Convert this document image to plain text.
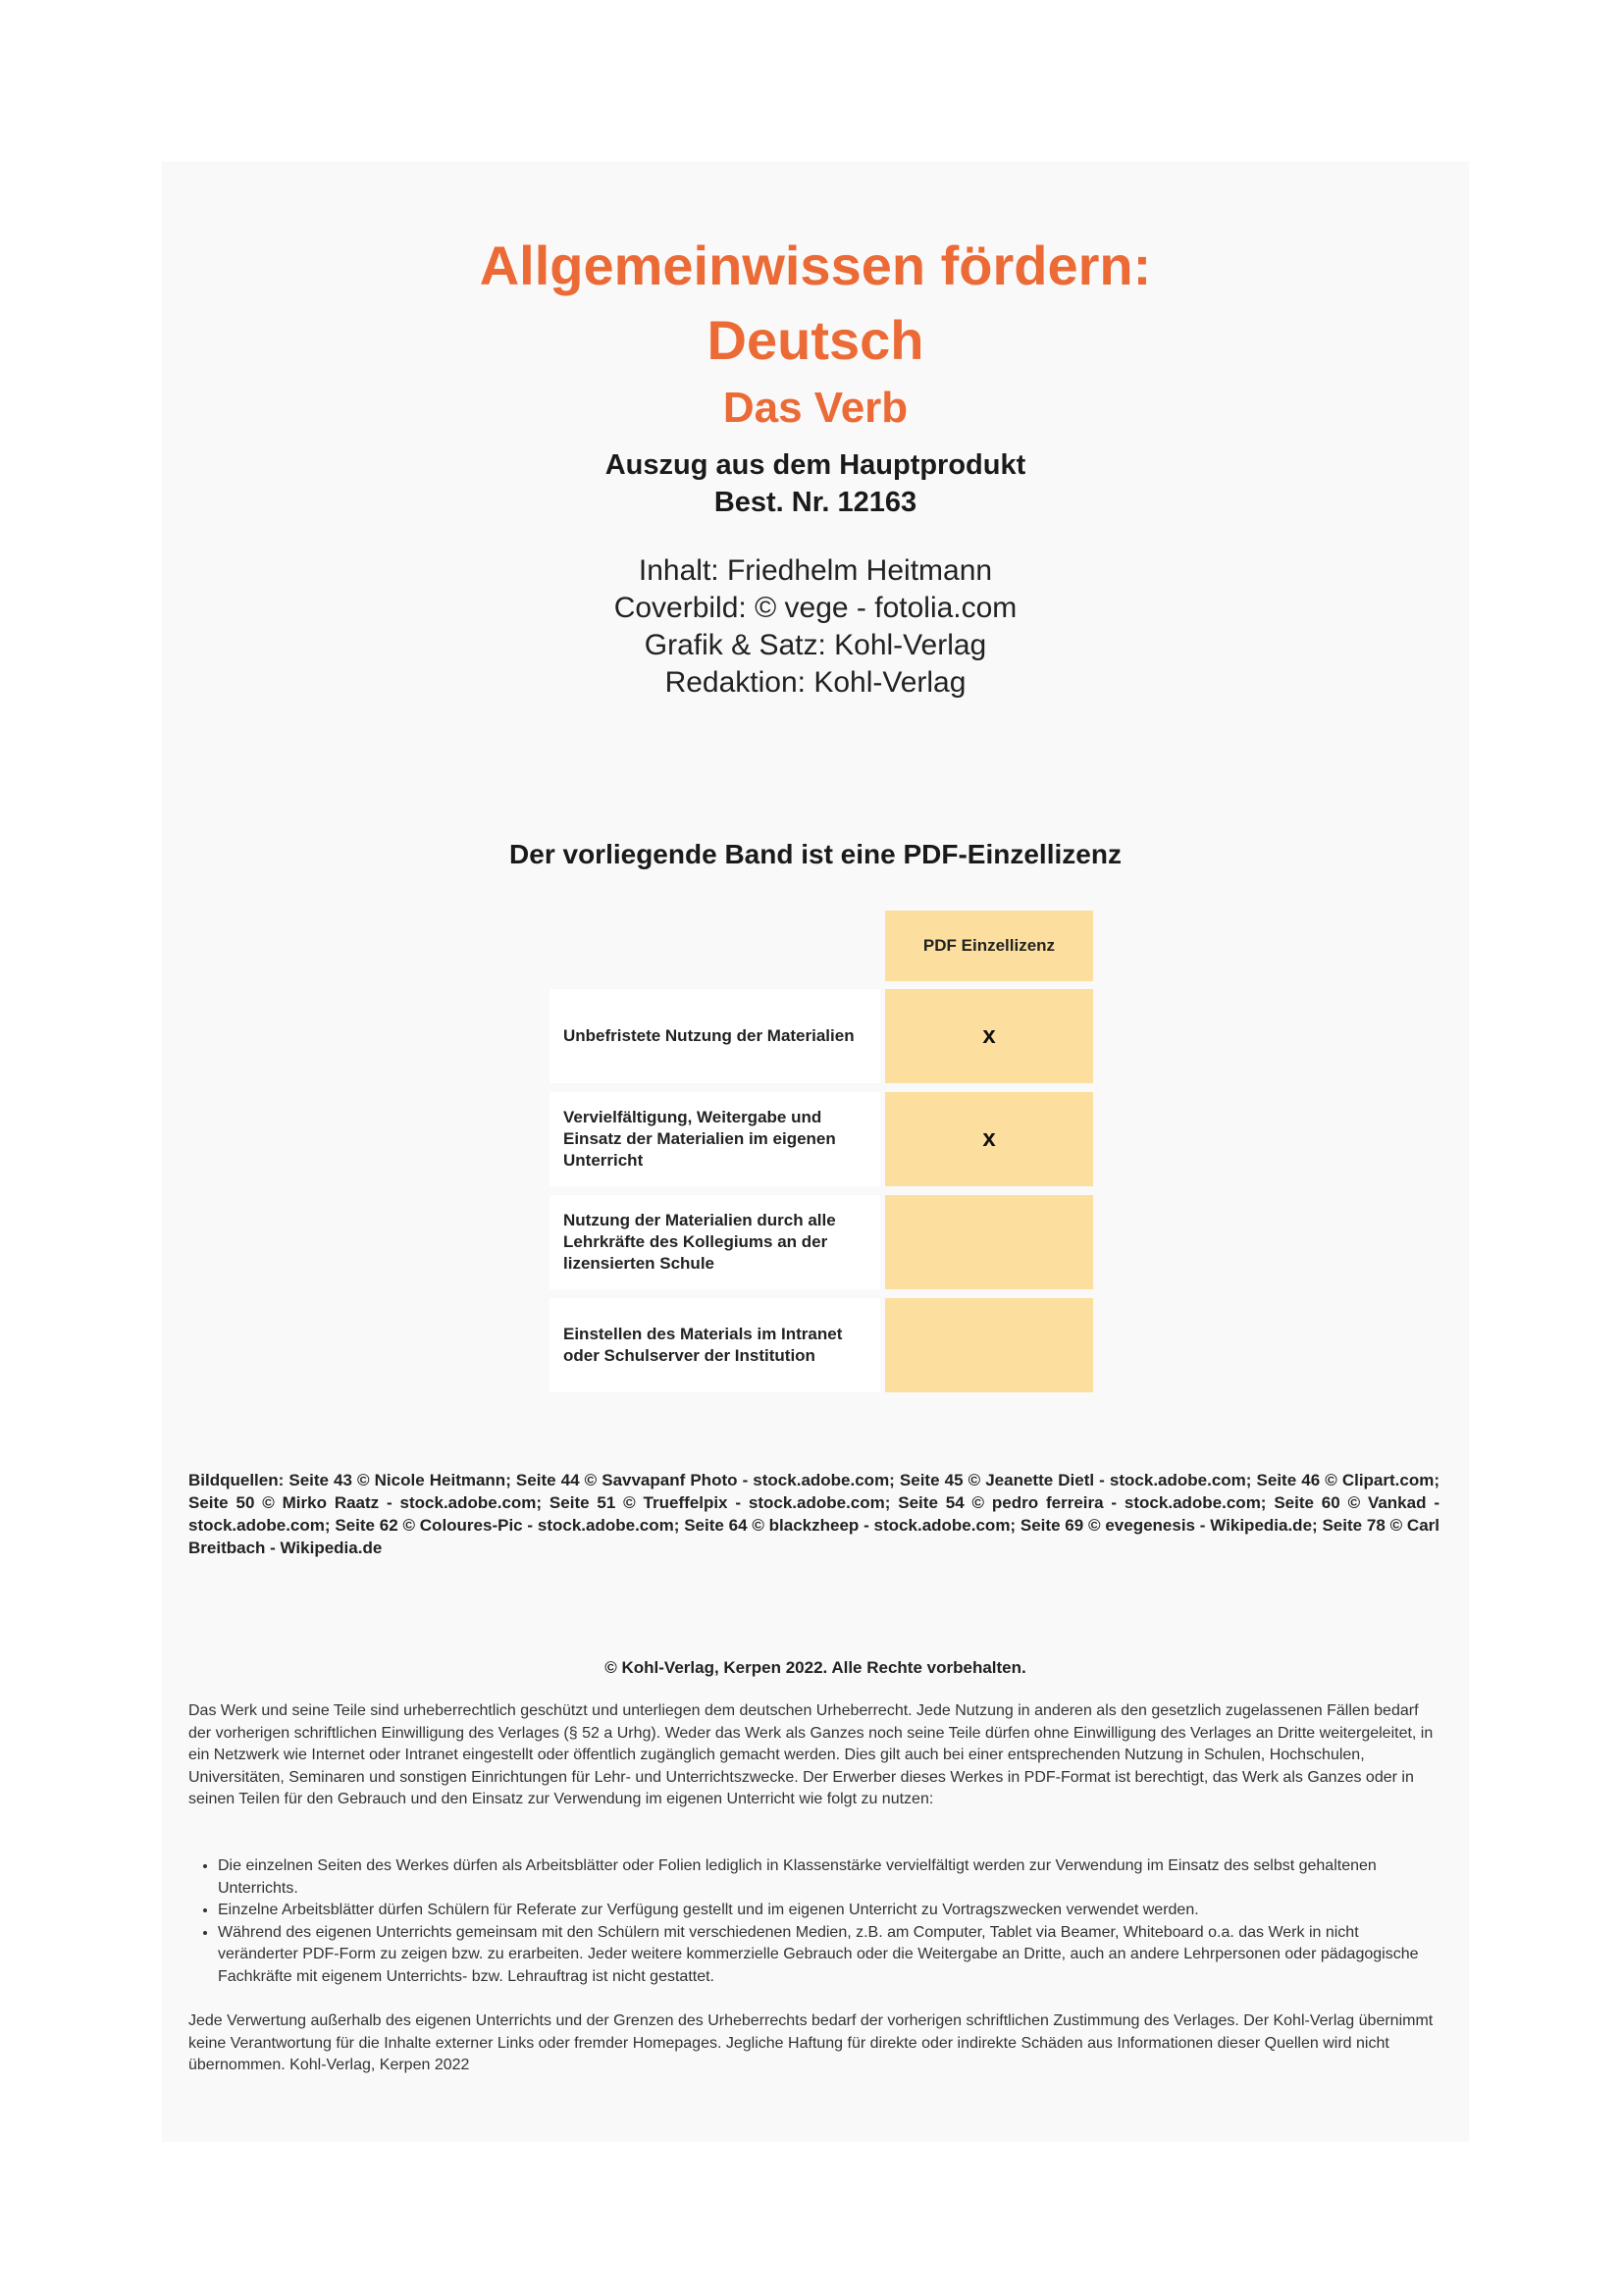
Allgemeinwissen fördern:
Deutsch
Das Verb
Auszug aus dem Hauptprodukt
Best. Nr. 12163
Inhalt: Friedhelm Heitmann
Coverbild: © vege - fotolia.com
Grafik & Satz: Kohl-Verlag
Redaktion: Kohl-Verlag
Der vorliegende Band ist eine PDF-Einzellizenz
PDF Einzellizenz
Unbefristete Nutzung der Materialien	x
Vervielfältigung, Weitergabe und Einsatz der Materialien im eigenen Unterricht
x
Nutzung der Materialien durch alle Lehrkräfte des Kollegiums an der lizensierten Schule
Einstellen des Materials im Intranet oder Schulserver der Institution
Bildquellen: Seite 43 © Nicole Heitmann; Seite 44 © Savvapanf Photo - stock.adobe.com; Seite 45 © Jeanette Dietl - stock.adobe.com; Seite 46 © Clipart.com; Seite 50 © Mirko Raatz - stock.adobe.com; Seite 51 © Trueffelpix - stock.adobe.com; Seite 54 © pedro ferreira - stock.adobe.com; Seite 60 © Vankad - stock.adobe.com; Seite 62 © Coloures-Pic - stock.adobe.com; Seite 64 © blackzheep - stock.adobe.com; Seite 69 © evegenesis - Wikipedia.de; Seite 78 © Carl Breitbach - Wikipedia.de
© Kohl-Verlag, Kerpen 2022. Alle Rechte vorbehalten.

Das Werk und seine Teile sind urheberrechtlich geschützt und unterliegen dem deutschen Urheberrecht. Jede Nutzung in anderen als den gesetzlich zugelassenen Fällen bedarf der vorherigen schriftlichen Einwilligung des Verlages (§ 52 a Urhg). Weder das Werk als Ganzes noch seine Teile dürfen ohne Einwilligung des Verlages an Dritte weitergeleitet, in ein Netzwerk wie Internet oder Intranet eingestellt oder öffentlich zugänglich gemacht werden. Dies gilt auch bei einer entsprechenden Nutzung in Schulen, Hochschulen, Universitäten, Seminaren und sonstigen Einrichtungen für Lehr- und Unterrichtszwecke. Der Erwerber dieses Werkes in PDF-Format ist berechtigt, das Werk als Ganzes oder in seinen Teilen für den Gebrauch und den Einsatz zur Verwendung im eigenen Unterricht wie folgt zu nutzen:

• Die einzelnen Seiten des Werkes dürfen als Arbeitsblätter oder Folien lediglich in Klassenstärke vervielfältigt werden zur Verwendung im Einsatz des selbst gehaltenen Unterrichts.
• Einzelne Arbeitsblätter dürfen Schülern für Referate zur Verfügung gestellt und im eigenen Unterricht zu Vortragszwecken verwendet werden.
• Während des eigenen Unterrichts gemeinsam mit den Schülern mit verschiedenen Medien, z.B. am Computer, Tablet via Beamer, Whiteboard o.a. das Werk in nicht veränderter PDF-Form zu zeigen bzw. zu erarbeiten. Jeder weitere kommerzielle Gebrauch oder die Weitergabe an Dritte, auch an andere Lehrpersonen oder pädagogische Fachkräfte mit eigenem Unterrichts- bzw. Lehrauftrag ist nicht gestattet.

Jede Verwertung außerhalb des eigenen Unterrichts und der Grenzen des Urheberrechts bedarf der vorherigen schriftlichen Zustimmung des Verlages. Der Kohl-Verlag übernimmt keine Verantwortung für die Inhalte externer Links oder fremder Homepages. Jegliche Haftung für direkte oder indirekte Schäden aus Informationen dieser Quellen wird nicht übernommen. Kohl-Verlag, Kerpen 2022
